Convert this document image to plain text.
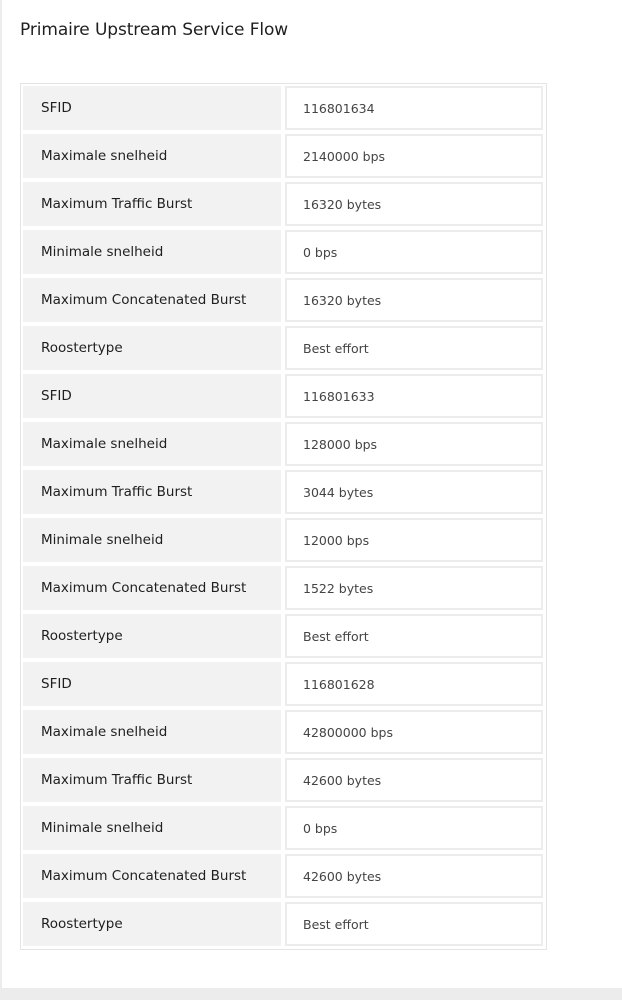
Primaire Upstream Service Flow
SFID		116801634
Maximale snelheid		2140000 bps
Maximum Traffic Burst		16320 bytes
Minimale snelheid		0 bps
Maximum Concatenated Burst		16320 bytes
Roostertype		Best effort
SFID		116801633
Maximale snelheid		128000 bps
Maximum Traffic Burst		3044 bytes
Minimale snelheid		12000 bps
Maximum Concatenated Burst		1522 bytes
Roostertype		Best effort
SFID		116801628
Maximale snelheid		42800000 bps
Maximum Traffic Burst		42600 bytes
Minimale snelheid		0 bps
Maximum Concatenated Burst		42600 bytes
Roostertype		Best effort
